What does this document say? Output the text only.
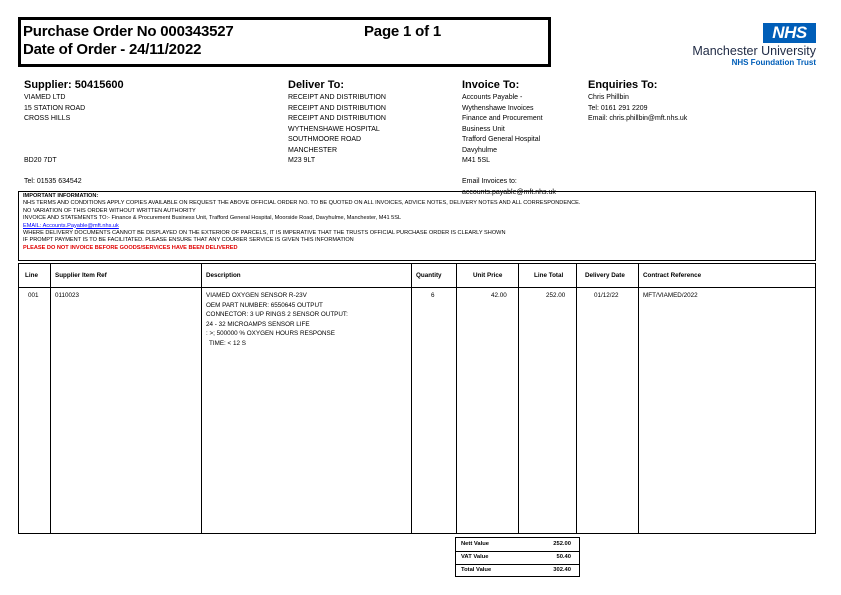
Purchase Order No 000343527	Page 1 of 1
Date of Order - 24/11/2022
NHS
Manchester University
NHS Foundation Trust
Supplier: 50415600
VIAMED LTD
15 STATION ROAD
CROSS HILLS
BD20 7DT
Tel: 01535 634542
Deliver To:
RECEIPT AND DISTRIBUTION
RECEIPT AND DISTRIBUTION
RECEIPT AND DISTRIBUTION
WYTHENSHAWE HOSPITAL
SOUTHMOORE ROAD
MANCHESTER
M23 9LT
Invoice To:
Accounts Payable -
Wythenshawe Invoices
Finance and Procurement
Business Unit
Trafford General Hospital
Davyhulme
M41 5SL
Email Invoices to:
accounts.payable@mft.nhs.uk
Enquiries To:
Chris Phillbin
Tel: 0161 291 2209
Email: chris.phillbin@mft.nhs.uk
IMPORTANT INFORMATION:
NHS TERMS AND CONDITIONS APPLY COPIES AVAILABLE ON REQUEST THE ABOVE OFFICIAL ORDER NO. TO BE QUOTED ON ALL INVOICES, ADVICE NOTES, DELIVERY NOTES AND ALL CORRESPONDENCE.
NO VARIATION OF THIS ORDER WITHOUT WRITTEN AUTHORITY
INVOICE AND STATEMENTS TO:- Finance & Procurement Business Unit, Trafford General Hospital, Moorside Road, Davyhulme, Manchester, M41 5SL
EMAIL: Accounts.Payable@mft.nhs.uk
WHERE DELIVERY DOCUMENTS CANNOT BE DISPLAYED ON THE EXTERIOR OF PARCELS, IT IS IMPERATIVE THAT THE TRUSTS OFFICIAL PURCHASE ORDER IS CLEARLY SHOWN
IF PROMPT PAYMENT IS TO BE FACILITATED. PLEASE ENSURE THAT ANY COURIER SERVICE IS GIVEN THIS INFORMATION
PLEASE DO NOT INVOICE BEFORE GOODS/SERVICES HAVE BEEN DELIVERED
Line	Supplier Item Ref	Description	Quantity	Unit Price	Line Total	Delivery Date	Contract Reference
001	0110023	VIAMED OXYGEN SENSOR R-23V
OEM PART NUMBER: 6550645 OUTPUT
CONNECTOR: 3 UP RINGS 2 SENSOR OUTPUT:
24 - 32 MICROAMPS SENSOR LIFE
: >; 500000 % OXYGEN HOURS RESPONSE
TIME: < 12 S
6	42.00	252.00	01/12/22	MFT/VIAMED/2022
Nett Value	252.00
VAT Value	50.40
Total Value	302.40
